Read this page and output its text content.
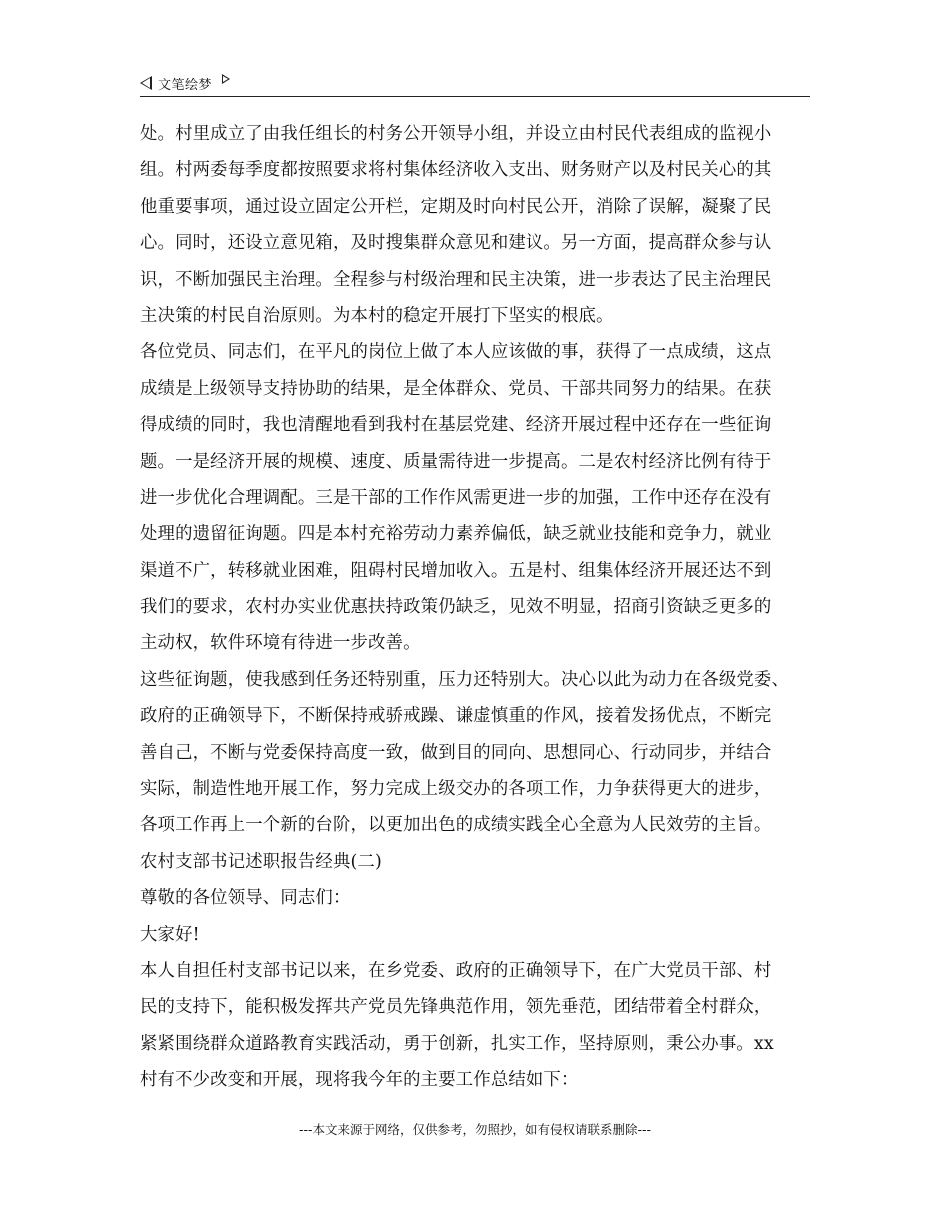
文笔绘梦
处。村里成立了由我任组长的村务公开领导小组，并设立由村民代表组成的监视小
组。村两委每季度都按照要求将村集体经济收入支出、财务财产以及村民关心的其
他重要事项，通过设立固定公开栏，定期及时向村民公开，消除了误解，凝聚了民
心。同时，还设立意见箱，及时搜集群众意见和建议。另一方面，提高群众参与认
识，不断加强民主治理。全程参与村级治理和民主决策，进一步表达了民主治理民
主决策的村民自治原则。为本村的稳定开展打下坚实的根底。
各位党员、同志们，在平凡的岗位上做了本人应该做的事，获得了一点成绩，这点
成绩是上级领导支持协助的结果，是全体群众、党员、干部共同努力的结果。在获
得成绩的同时，我也清醒地看到我村在基层党建、经济开展过程中还存在一些征询
题。一是经济开展的规模、速度、质量需待进一步提高。二是农村经济比例有待于
进一步优化合理调配。三是干部的工作作风需更进一步的加强，工作中还存在没有
处理的遗留征询题。四是本村充裕劳动力素养偏低，缺乏就业技能和竞争力，就业
渠道不广，转移就业困难，阻碍村民增加收入。五是村、组集体经济开展还达不到
我们的要求，农村办实业优惠扶持政策仍缺乏，见效不明显，招商引资缺乏更多的
主动权，软件环境有待进一步改善。
这些征询题，使我感到任务还特别重，压力还特别大。决心以此为动力在各级党委、
政府的正确领导下，不断保持戒骄戒躁、谦虚慎重的作风，接着发扬优点，不断完
善自己，不断与党委保持高度一致，做到目的同向、思想同心、行动同步，并结合
实际，制造性地开展工作，努力完成上级交办的各项工作，力争获得更大的进步，
各项工作再上一个新的台阶，以更加出色的成绩实践全心全意为人民效劳的主旨。
农村支部书记述职报告经典(二)
尊敬的各位领导、同志们：
大家好!
本人自担任村支部书记以来，在乡党委、政府的正确领导下，在广大党员干部、村
民的支持下，能积极发挥共产党员先锋典范作用，领先垂范，团结带着全村群众，
紧紧围绕群众道路教育实践活动，勇于创新，扎实工作，坚持原则，秉公办事。xx
村有不少改变和开展，现将我今年的主要工作总结如下：
---本文来源于网络，仅供参考，勿照抄，如有侵权请联系删除---
